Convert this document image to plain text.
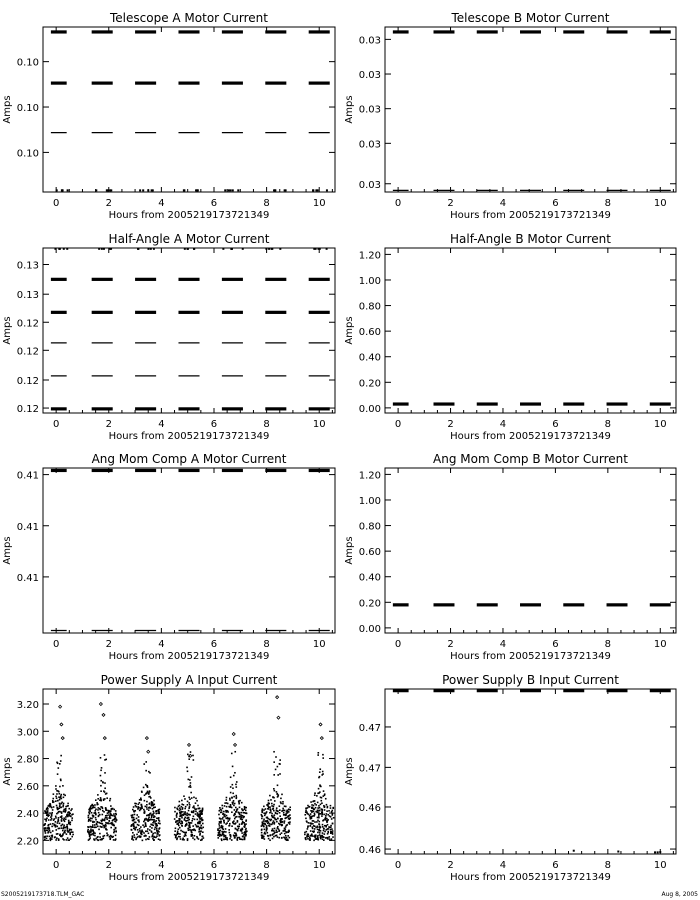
Telescope A Motor Current
Hours from 2005219173721349
Amps
0	2	4	6	8	10
0.10
0.10
0.10
Telescope B Motor Current
Hours from 2005219173721349
Amps
0	2	4	6	8	10
0.03
0.03
0.03
0.03
0.03
Half-Angle A Motor Current
Hours from 2005219173721349
Amps
0	2	4	6	8	10
0.12
0.12
0.12
0.12
0.13
0.13
Half-Angle B Motor Current
Hours from 2005219173721349
Amps
0	2	4	6	8	10
0.00
0.20
0.40
0.60
0.80
1.00
1.20
Ang Mom Comp A Motor Current
Hours from 2005219173721349
Amps
0	2	4	6	8	10
0.41
0.41
0.41
Ang Mom Comp B Motor Current
Hours from 2005219173721349
Amps
0	2	4	6	8	10
0.00
0.20
0.40
0.60
0.80
1.00
1.20
Power Supply A Input Current
Hours from 2005219173721349
Amps
0	2	4	6	8	10
2.20
2.40
2.60
2.80
3.00
3.20
Power Supply B Input Current
Hours from 2005219173721349
Amps
0	2	4	6	8	10
0.46
0.46
0.47
0.47
S2005219173718.TLM_GAC	Aug 8, 2005
